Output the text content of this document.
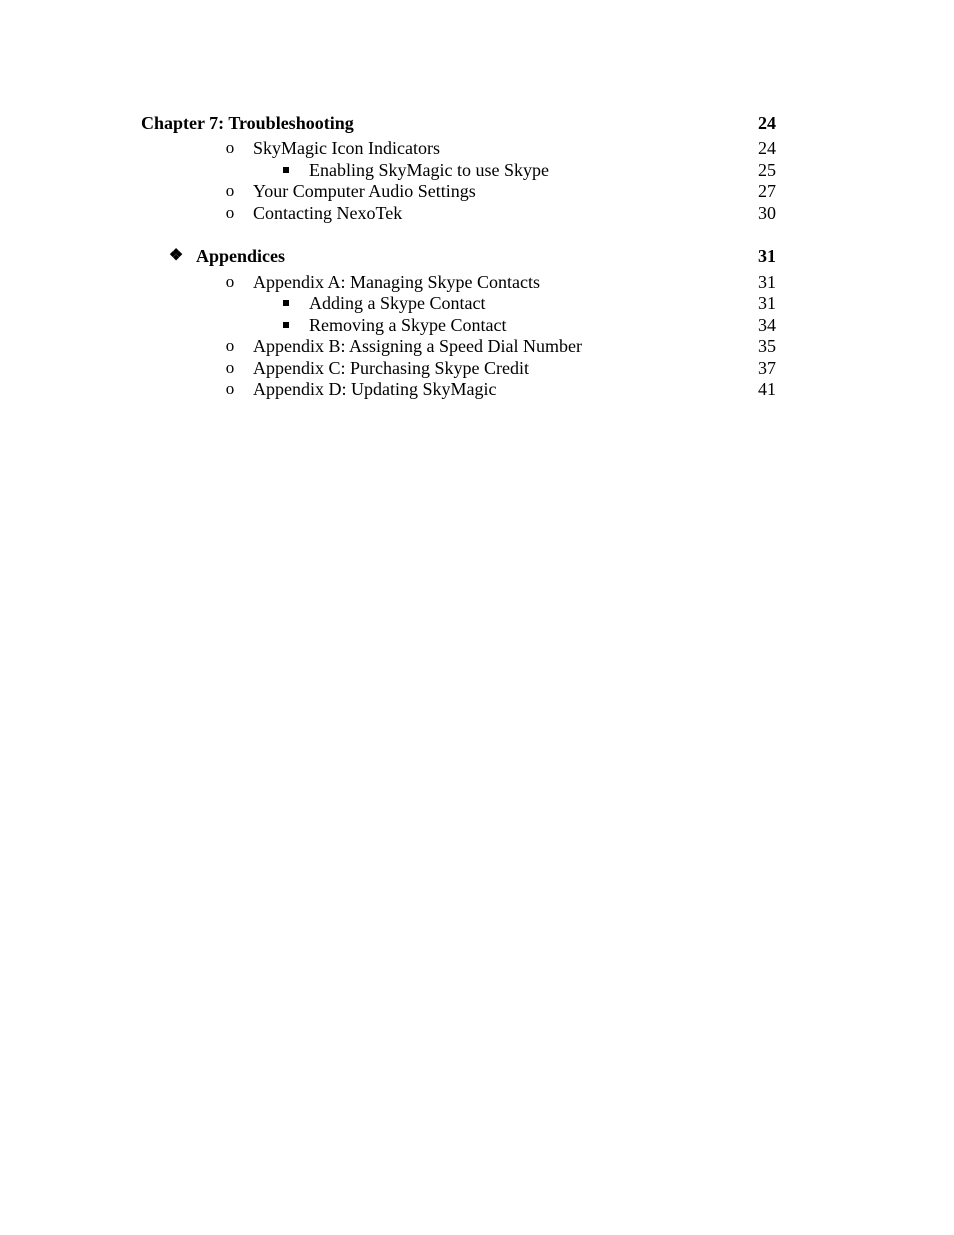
Chapter 7: Troubleshooting	24
o SkyMagic Icon Indicators	24
Enabling SkyMagic to use Skype	25
o Your Computer Audio Settings	27
o Contacting NexoTek	30
❖ Appendices	31
o Appendix A: Managing Skype Contacts	31
Adding a Skype Contact	31
Removing a Skype Contact	34
o Appendix B: Assigning a Speed Dial Number	35
o Appendix C: Purchasing Skype Credit	37
o Appendix D: Updating SkyMagic	41
